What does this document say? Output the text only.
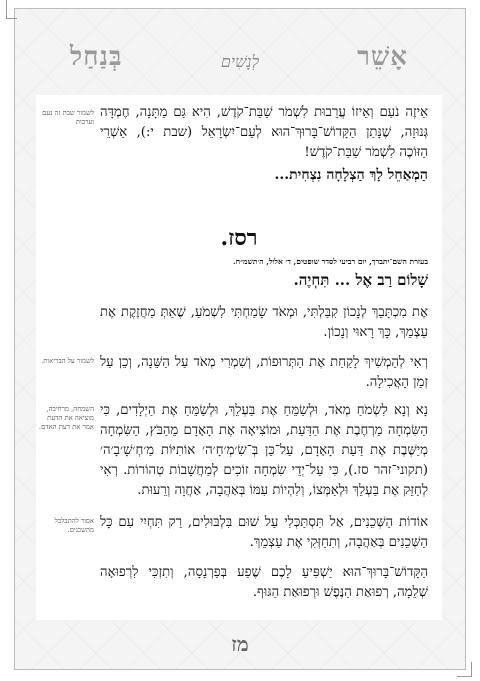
אָשֵׁר
לְנָשִׁים
בְּנַחַל
אֵיזֶה נֹעַם וְאֵיזוֹ עֲרֵבוּת לִשְׁמֹר שַׁבַּת־קֹדֶשׁ, הִיא גַּם מַתָּנָה, חֶמְדָּה גְּנוּזָה, שֶׁנָּתַן הַקָּדוֹשׁ־בָּרוּךְ־הוּא לְעַם־יִשְׂרָאֵל (שבת י:), אַשְׁרֵי הַזּוֹכֶה לִשְׁמֹר שַׁבַּת־קֹדֶשׁ!
לשמור שבת זה נעם וערבות
הַמְאַחֵל לָךְ הַצְלָחָה נִצְחִית...
רסז.
בעזרת השם־יתברך, יום רביעי לסדר שופטים, ד׳ אלול, ה׳תשמ״ח.
שָׁלוֹם רַב אֶל ... תִּחְיֶה.
אֶת מִכְתָּבֵךְ לְנָכוֹן קִבַּלְתִּי, וּמְאֹד שָׂמַחְתִּי לִשְׁמֹעַ, שֶׁאַתְּ מַחֲזֶקֶת אֶת עַצְמֵךְ, כָּךְ רָאוּי וְנָכוֹן.
רְאִי לְהַמְשִׁיךְ לָקַחַת אֶת הַתְּרוּפוֹת, וְשִׁמְרִי מְאֹד עַל הַשֵּׁנָה, וְכֵן עַל זְמַן הָאֲכִילָה.
לשמור על הבריאות.
נָא וְנָא לִשְׂמֹחַ מְאֹד, וּלְשַׂמֵּחַ אֶת בַּעְלֵךְ, וּלְשַׂמֵּחַ אֶת הַיְלָדִים, כִּי הַשִּׂמְחָה מַרְחֶבֶת אֶת הַדַּעַת, וּמוֹצִיאָה אֶת הָאָדָם מֵהַבֹּץ, הַשִּׂמְחָה מְיַשֶּׁבֶת אֶת דַּעַת הָאָדָם, עַל־כֵּן בְּ־שִׂ׳מְ׳חָ׳ה׳ אוֹתִיּוֹת מַ׳חְ׳שָׁ׳בָ׳ה׳ (תקוני־זהר סז.), כִּי עַל־יְדֵי שִׂמְחָה זוֹכִים לְמַחֲשָׁבוֹת טְהוֹרוֹת. רְאִי לְחַזֵּק אֶת בַּעְלֵךְ וּלְאַמְּצוֹ, וְלִהְיוֹת עִמּוֹ בְּאַהֲבָה, אַחֲוָה וְרֵעוּת.
השמחה, מרחיבה, מוציאה את הדעת אמר את דעת האדם.
אוֹדוֹת הַשְּׁכֵנִים, אַל תִּסְתַּכְּלִי עַל שׁוּם בִּלְבּוּלִים, רַק תִּחְיִי עִם כָּל הַשְּׁכֵנִים בְּאַהֲבָה, וְתִחַזְּקִי אֶת עַצְמֵךְ.
אסור להתבלבל מהשכנים.
הַקָּדוֹשׁ־בָּרוּךְ־הוּא יַשְׁפִּיעַ לָכֶם שֶׁפַע בְּפַרְנָסָה, וְתִזְכִּי לִרְפוּאָה שְׁלֵמָה, רְפוּאַת הַנֶּפֶשׁ וּרְפוּאַת הַגּוּף.
מז
